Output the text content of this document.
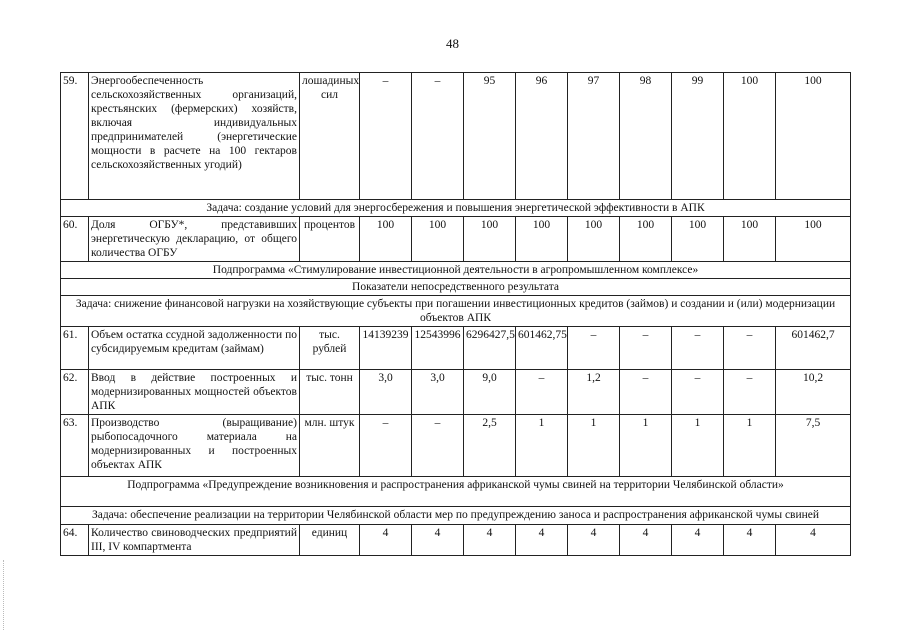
48
59.	Энергообеспеченность сельскохозяйственных организаций, крестьянских (фермерских) хозяйств, включая индивидуальных предпринимателей (энергетические мощности в расчете на 100 гектаров сельскохозяйственных угодий)	лошадиных сил	–	–	95	96	97	98	99	100	100
Задача: создание условий для энергосбережения и повышения энергетической эффективности в АПК											
60.	Доля ОГБУ*, представивших энергетическую декларацию, от общего количества ОГБУ	процентов	100	100	100	100	100	100	100	100	100
Подпрограмма «Стимулирование инвестиционной деятельности в агропромышленном комплексе»											
Показатели непосредственного результата											
Задача: снижение финансовой нагрузки на хозяйствующие субъекты при погашении инвестиционных кредитов (займов) и создании и (или) модернизации объектов АПК											
61.	Объем остатка ссудной задолженности по субсидируемым кредитам (займам)	тыс. рублей	14139239	12543996	6296427,5	601462,75	–	–	–	–	601462,7
62.	Ввод в действие построенных и модернизированных мощностей объектов АПК	тыс. тонн	3,0	3,0	9,0	–	1,2	–	–	–	10,2
63.	Производство (выращивание) рыбопосадочного материала на модернизированных и построенных объектах АПК	млн. штук	–	–	2,5	1	1	1	1	1	7,5
Подпрограмма «Предупреждение возникновения и распространения африканской чумы свиней на территории Челябинской области»											
Задача: обеспечение реализации на территории Челябинской области мер по предупреждению заноса и распространения африканской чумы свиней											
64.	Количество свиноводческих предприятий III, IV компартмента	единиц	4	4	4	4	4	4	4	4	4
